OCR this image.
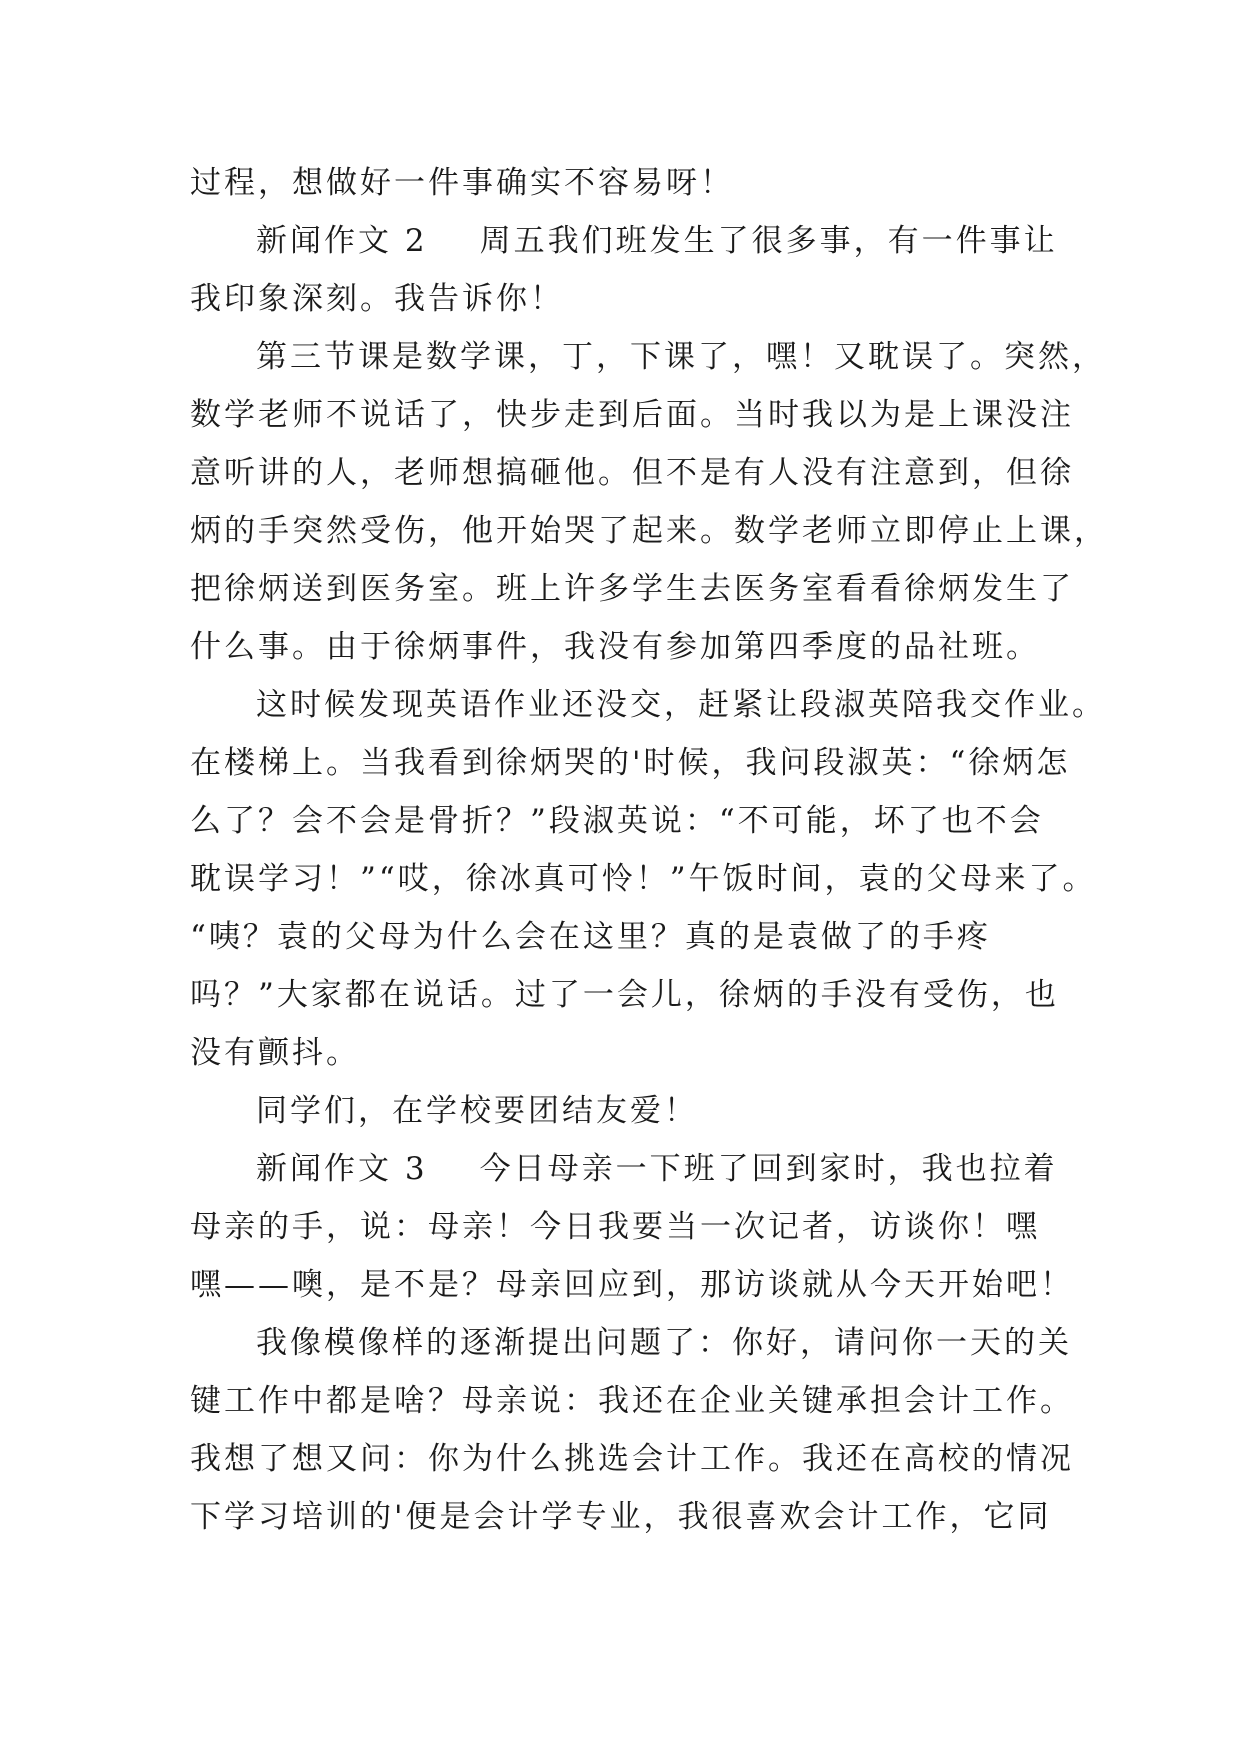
过程，想做好一件事确实不容易呀！
新闻作文 2 周五我们班发生了很多事，有一件事让
我印象深刻。我告诉你！
第三节课是数学课，丁，下课了，嘿！又耽误了。突然，
数学老师不说话了，快步走到后面。当时我以为是上课没注
意听讲的人，老师想搞砸他。但不是有人没有注意到，但徐
炳的手突然受伤，他开始哭了起来。数学老师立即停止上课，
把徐炳送到医务室。班上许多学生去医务室看看徐炳发生了
什么事。由于徐炳事件，我没有参加第四季度的品社班。
这时候发现英语作业还没交，赶紧让段淑英陪我交作业。
在楼梯上。当我看到徐炳哭的'时候，我问段淑英：“徐炳怎
么了？会不会是骨折？”段淑英说：“不可能，坏了也不会
耽误学习！”“哎，徐冰真可怜！”午饭时间，袁的父母来了。
“咦？袁的父母为什么会在这里？真的是袁做了的手疼
吗？”大家都在说话。过了一会儿，徐炳的手没有受伤，也
没有颤抖。
同学们，在学校要团结友爱！
新闻作文 3 今日母亲一下班了回到家时，我也拉着
母亲的手，说：母亲！今日我要当一次记者，访谈你！嘿
嘿——噢，是不是？母亲回应到，那访谈就从今天开始吧！
我像模像样的逐渐提出问题了：你好，请问你一天的关
键工作中都是啥？母亲说：我还在企业关键承担会计工作。
我想了想又问：你为什么挑选会计工作。我还在高校的情况
下学习培训的'便是会计学专业，我很喜欢会计工作，它同
